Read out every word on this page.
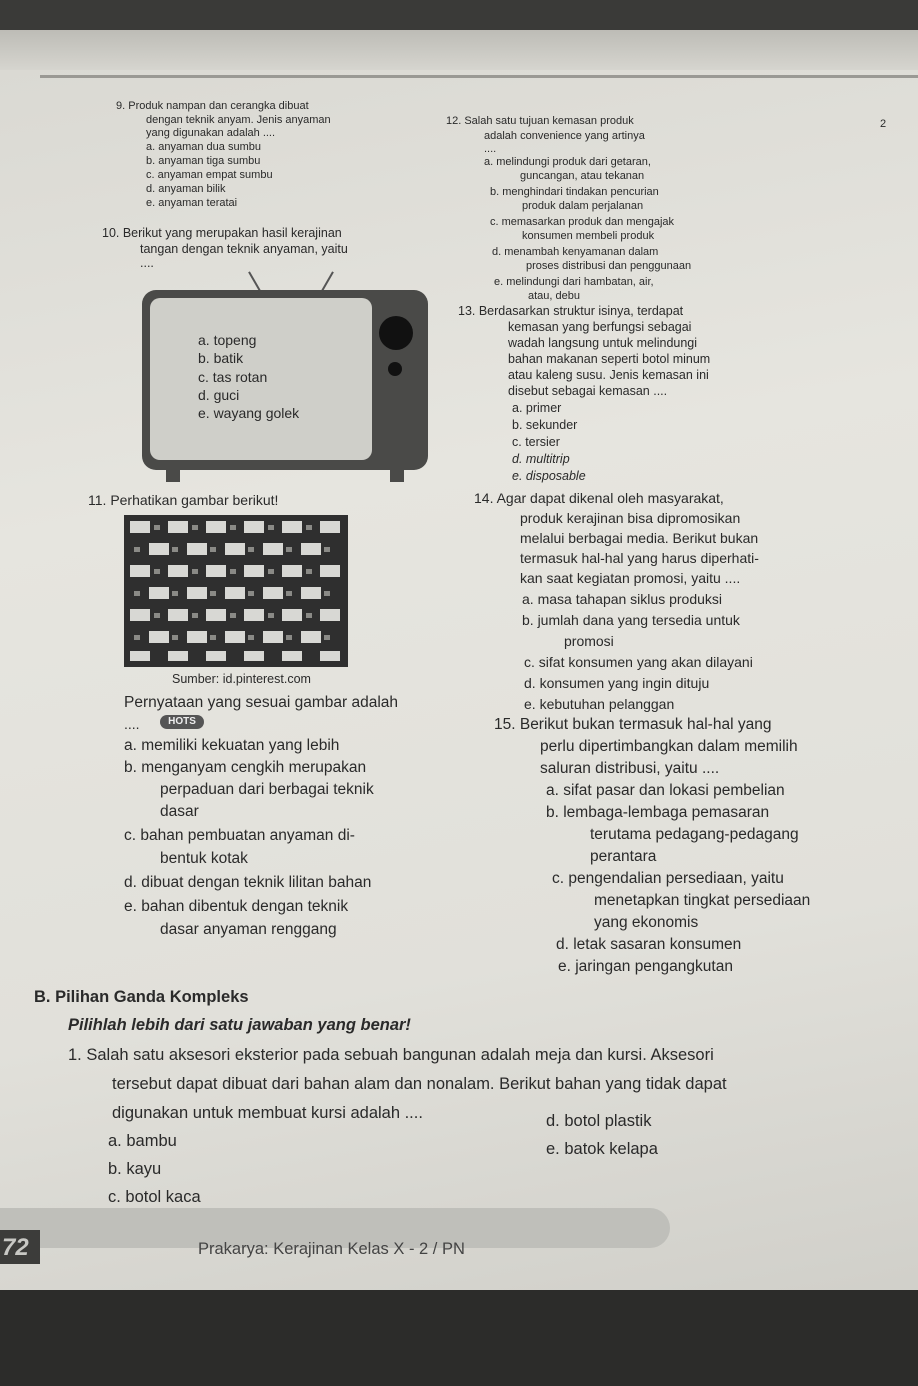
9. Produk nampan dan cerangka dibuat
dengan teknik anyam. Jenis anyaman
yang digunakan adalah ....
a. anyaman dua sumbu
b. anyaman tiga sumbu
c. anyaman empat sumbu
d. anyaman bilik
e. anyaman teratai
10. Berikut yang merupakan hasil kerajinan
tangan dengan teknik anyaman, yaitu
....
a. topeng
b. batik
c. tas rotan
d. guci
e. wayang golek
11. Perhatikan gambar berikut!
Sumber: id.pinterest.com
Pernyataan yang sesuai gambar adalah
....	HOTS
a. memiliki kekuatan yang lebih
b. menganyam cengkih merupakan
perpaduan dari berbagai teknik
dasar
c. bahan pembuatan anyaman di-
bentuk kotak
d. dibuat dengan teknik lilitan bahan
e. bahan dibentuk dengan teknik
dasar anyaman renggang
12. Salah satu tujuan kemasan produk
adalah convenience yang artinya
....
a. melindungi produk dari getaran,
guncangan, atau tekanan
b. menghindari tindakan pencurian
produk dalam perjalanan
c. memasarkan produk dan mengajak
konsumen membeli produk
d. menambah kenyamanan dalam
proses distribusi dan penggunaan
e. melindungi dari hambatan, air,
atau, debu
13. Berdasarkan struktur isinya, terdapat
kemasan yang berfungsi sebagai
wadah langsung untuk melindungi
bahan makanan seperti botol minum
atau kaleng susu. Jenis kemasan ini
disebut sebagai kemasan ....
a. primer
b. sekunder
c. tersier
d. multitrip
e. disposable
14. Agar dapat dikenal oleh masyarakat,
produk kerajinan bisa dipromosikan
melalui berbagai media. Berikut bukan
termasuk hal-hal yang harus diperhati-
kan saat kegiatan promosi, yaitu ....
a. masa tahapan siklus produksi
b. jumlah dana yang tersedia untuk
promosi
c. sifat konsumen yang akan dilayani
d. konsumen yang ingin dituju
e. kebutuhan pelanggan
15. Berikut bukan termasuk hal-hal yang
perlu dipertimbangkan dalam memilih
saluran distribusi, yaitu ....
a. sifat pasar dan lokasi pembelian
b. lembaga-lembaga pemasaran
terutama pedagang-pedagang
perantara
c. pengendalian persediaan, yaitu
menetapkan tingkat persediaan
yang ekonomis
d. letak sasaran konsumen
e. jaringan pengangkutan
B. Pilihan Ganda Kompleks
Pilihlah lebih dari satu jawaban yang benar!
1. Salah satu aksesori eksterior pada sebuah bangunan adalah meja dan kursi. Aksesori
tersebut dapat dibuat dari bahan alam dan nonalam. Berikut bahan yang tidak dapat
digunakan untuk membuat kursi adalah ....
a. bambu
b. kayu
c. botol kaca
d. botol plastik
e. batok kelapa
72	Prakarya: Kerajinan Kelas X - 2 / PN
2
